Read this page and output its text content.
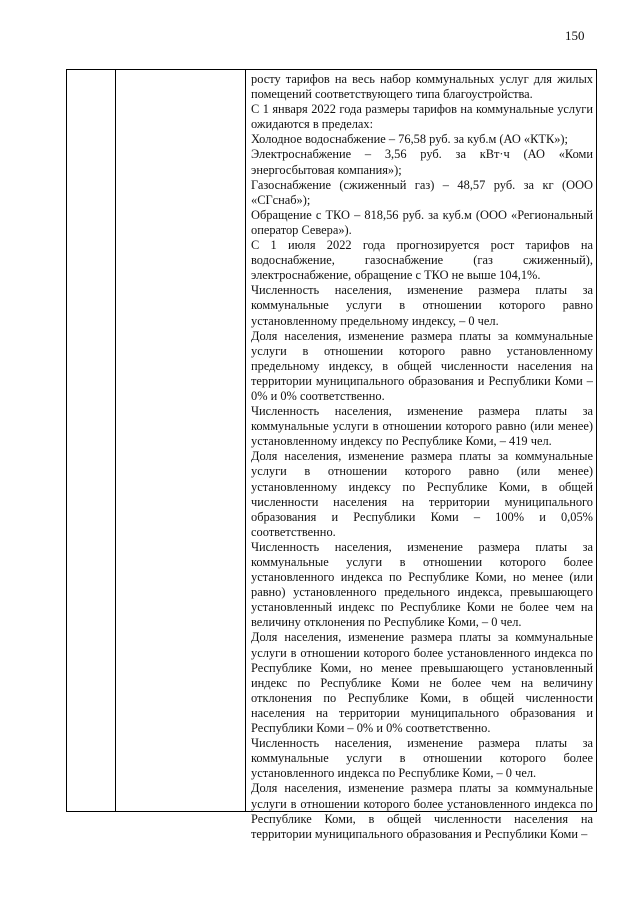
150

росту тарифов на весь набор коммунальных услуг для жилых помещений соответствующего типа благоустройства.

С 1 января 2022 года размеры тарифов на коммунальные услуги ожидаются в пределах:

Холодное водоснабжение – 76,58 руб. за куб.м (АО «КТК»);

Электроснабжение – 3,56 руб. за кВт·ч (АО «Коми энергосбытовая компания»);

Газоснабжение (сжиженный газ) – 48,57 руб. за кг (ООО «СГснаб»);

Обращение с ТКО – 818,56 руб. за куб.м (ООО «Региональный оператор Севера»).

С 1 июля 2022 года прогнозируется рост тарифов на водоснабжение, газоснабжение (газ сжиженный), электроснабжение, обращение с ТКО не выше 104,1%.

Численность населения, изменение размера платы за коммунальные услуги в отношении которого равно установленному предельному индексу, – 0 чел.

Доля населения, изменение размера платы за коммунальные услуги в отношении которого равно установленному предельному индексу, в общей численности населения на территории муниципального образования и Республики Коми – 0% и 0% соответственно.

Численность населения, изменение размера платы за коммунальные услуги в отношении которого равно (или менее) установленному индексу по Республике Коми, – 419 чел.

Доля населения, изменение размера платы за коммунальные услуги в отношении которого равно (или менее) установленному индексу по Республике Коми, в общей численности населения на территории муниципального образования и Республики Коми – 100% и 0,05% соответственно.

Численность населения, изменение размера платы за коммунальные услуги в отношении которого более установленного индекса по Республике Коми, но менее (или равно) установленного предельного индекса, превышающего установленный индекс по Республике Коми не более чем на величину отклонения по Республике Коми, – 0 чел.

Доля населения, изменение размера платы за коммунальные услуги в отношении которого более установленного индекса по Республике Коми, но менее превышающего установленный индекс по Республике Коми не более чем на величину отклонения по Республике Коми, в общей численности населения на территории муниципального образования и Республики Коми – 0% и 0% соответственно.

Численность населения, изменение размера платы за коммунальные услуги в отношении которого более установленного индекса по Республике Коми, – 0 чел.

Доля населения, изменение размера платы за коммунальные услуги в отношении которого более установленного индекса по Республике Коми, в общей численности населения на территории муниципального образования и Республики Коми –
